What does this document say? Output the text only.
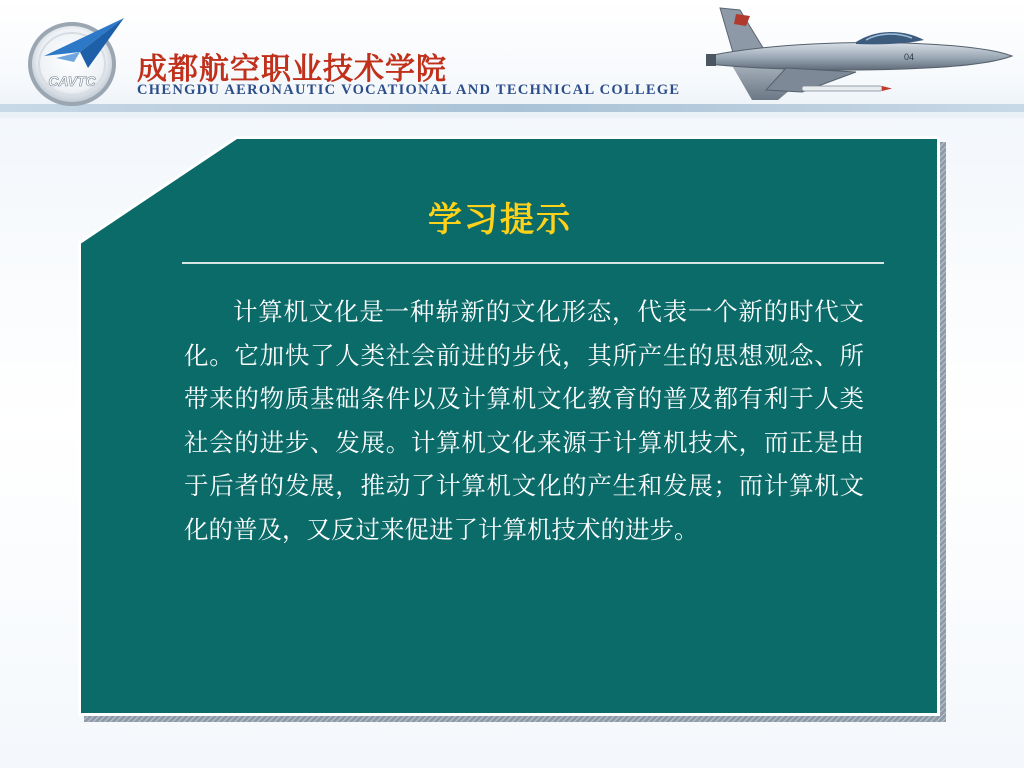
CAVTC 成都航空职业技术学院
CHENGDU AERONAUTIC VOCATIONAL AND TECHNICAL COLLEGE
04
学习提示
计算机文化是一种崭新的文化形态，代表一个新的时代文化。它加快了人类社会前进的步伐，其所产生的思想观念、所带来的物质基础条件以及计算机文化教育的普及都有利于人类社会的进步、发展。计算机文化来源于计算机技术，而正是由于后者的发展，推动了计算机文化的产生和发展；而计算机文化的普及，又反过来促进了计算机技术的进步。
